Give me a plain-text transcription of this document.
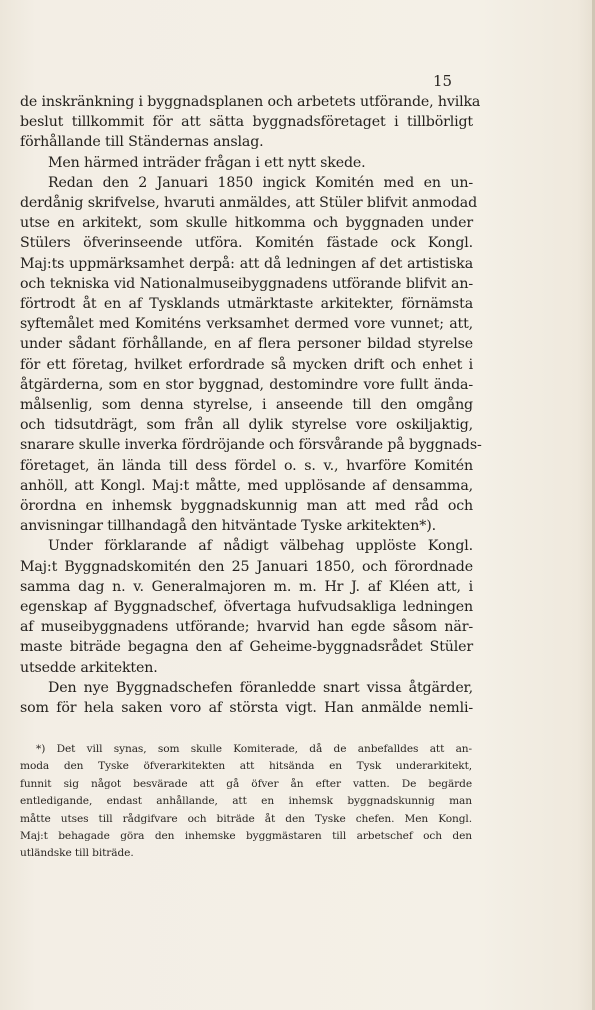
15
de inskränkning i byggnadsplanen och arbetets utförande, hvilka
beslut tillkommit för att sätta byggnadsföretaget i tillbörligt
förhållande till Ständernas anslag.
Men härmed inträder frågan i ett nytt skede.
Redan den 2 Januari 1850 ingick Komitén med en un-
derdånig skrifvelse, hvaruti anmäldes, att Stüler blifvit anmodad
utse en arkitekt, som skulle hitkomma och byggnaden under
Stülers öfverinseende utföra. Komitén fästade ock Kongl.
Maj:ts uppmärksamhet derpå: att då ledningen af det artistiska
och tekniska vid Nationalmuseibyggnadens utförande blifvit an-
förtrodt åt en af Tysklands utmärktaste arkitekter, förnämsta
syftemålet med Komiténs verksamhet dermed vore vunnet; att,
under sådant förhållande, en af flera personer bildad styrelse
för ett företag, hvilket erfordrade så mycken drift och enhet i
åtgärderna, som en stor byggnad, destomindre vore fullt ända-
målsenlig, som denna styrelse, i anseende till den omgång
och tidsutdrägt, som från all dylik styrelse vore oskiljaktig,
snarare skulle inverka fördröjande och försvårande på byggnads-
företaget, än lända till dess fördel o. s. v., hvarföre Komitén
anhöll, att Kongl. Maj:t måtte, med upplösande af densamma,
örordna en inhemsk byggnadskunnig man att med råd och
anvisningar tillhandagå den hitväntade Tyske arkitekten*).
Under förklarande af nådigt välbehag upplöste Kongl.
Maj:t Byggnadskomitén den 25 Januari 1850, och förordnade
samma dag n. v. Generalmajoren m. m. Hr J. af Kléen att, i
egenskap af Byggnadschef, öfvertaga hufvudsakliga ledningen
af museibyggnadens utförande; hvarvid han egde såsom när-
maste biträde begagna den af Geheime-byggnadsrådet Stüler
utsedde arkitekten.
Den nye Byggnadschefen föranledde snart vissa åtgärder,
som för hela saken voro af största vigt. Han anmälde nemli-
*) Det vill synas, som skulle Komiterade, då de anbefalldes att an-
moda den Tyske öfverarkitekten att hitsända en Tysk underarkitekt,
funnit sig något besvärade att gå öfver ån efter vatten. De begärde
entledigande, endast anhållande, att en inhemsk byggnadskunnig man
måtte utses till rådgifvare och biträde åt den Tyske chefen. Men Kongl.
Maj:t behagade göra den inhemske byggmästaren till arbetschef och den
utländske till biträde.
